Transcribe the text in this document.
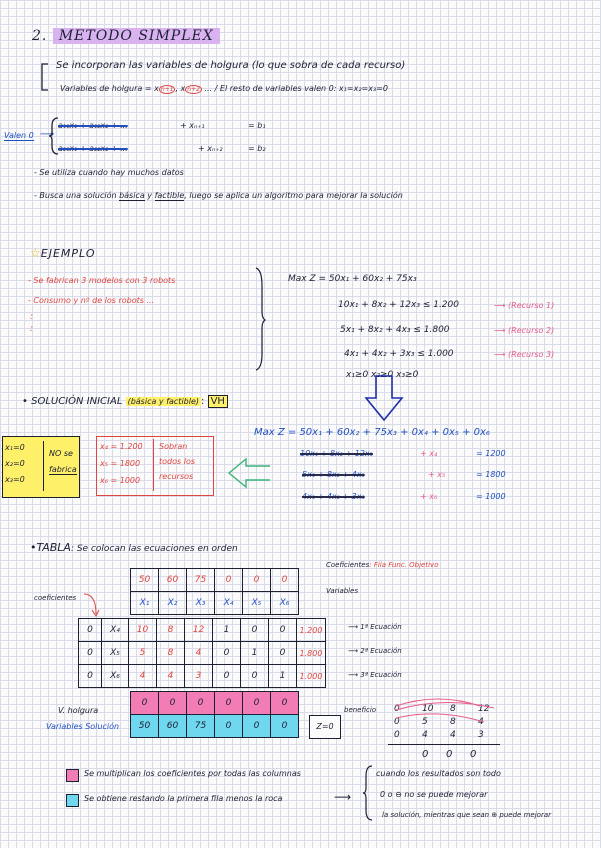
2. METODO SIMPLEX
Se incorporan las variables de holgura (lo que sobra de cada recurso)
Variables de holgura = x n+1 , x n+2 ... / El resto de variables valen 0: x₁=x₂=x₃=0
Valen 0 ⟶
a₁₁x₁ + a₁₂x₂ + ...	+ xₙ₊₁	= b₁
a₂₁x₁ + a₂₂x₂ + ...	+ xₙ₊₂	= b₂
- Se utiliza cuando hay muchos datos
- Busca una solución básica y factible, luego se aplica un algoritmo para mejorar la solución
☆EJEMPLO
- Se fabrican 3 modelos con 3 robots
- Consumo y nº de los robots ...
:
:
Max Z = 50x₁ + 60x₂ + 75x₃
10x₁ + 8x₂ + 12x₃ ≤ 1.200
5x₁ + 8x₂ + 4x₃ ≤ 1.800
4x₁ + 4x₂ + 3x₃ ≤ 1.000
x₁≥0 x₂≥0 x₃≥0
⟶ (Recurso 1)
⟶ (Recurso 2)
⟶ (Recurso 3)
• SOLUCIÓN INICIAL (básica y factible) : VH
Max Z = 50x₁ + 60x₂ + 75x₃ + 0x₄ + 0x₅ + 0x₆
10x₁ + 8x₂ + 12x₃	+ x₄	= 1200
5x₁ + 8x₂ + 4x₃	+ x₅	= 1800
4x₁ + 4x₂ + 3x₃	+ x₆	= 1000
x₁=0
x₂=0
x₃=0
NO se
fabrica
x₄ = 1.200
x₅ = 1800
x₆ = 1000
Sobran
todos los
recursos
•TABLA: Se colocan las ecuaciones en orden
coeficientes
Coeficientes: Fila Func. Objetivo
Variables
50	60	75	0	0	0
X₁	X₂	X₃	X₄	X₅	X₆
0	X₄	10	8	12	1	0	0	1.200
0	X₅	5	8	4	0	1	0	1.800
0	X₆	4	4	3	0	0	1	1.000
⟶ 1ª Ecuación
⟶ 2ª Ecuación
⟶ 3ª Ecuación
0	0	0	0	0	0
50	60	75	0	0	0	Z=0
beneficio
V. holgura
Variables Solución
0 10 8 12
0 5 8 4
0 4 4 3
0 0 0
Se multiplican los coeficientes por todas las columnas
Se obtiene restando la primera fila menos la roca	⟶
cuando los resultados son todo
0 o ⊖ no se puede mejorar
la solución, mientras que sean ⊕ puede mejorar
